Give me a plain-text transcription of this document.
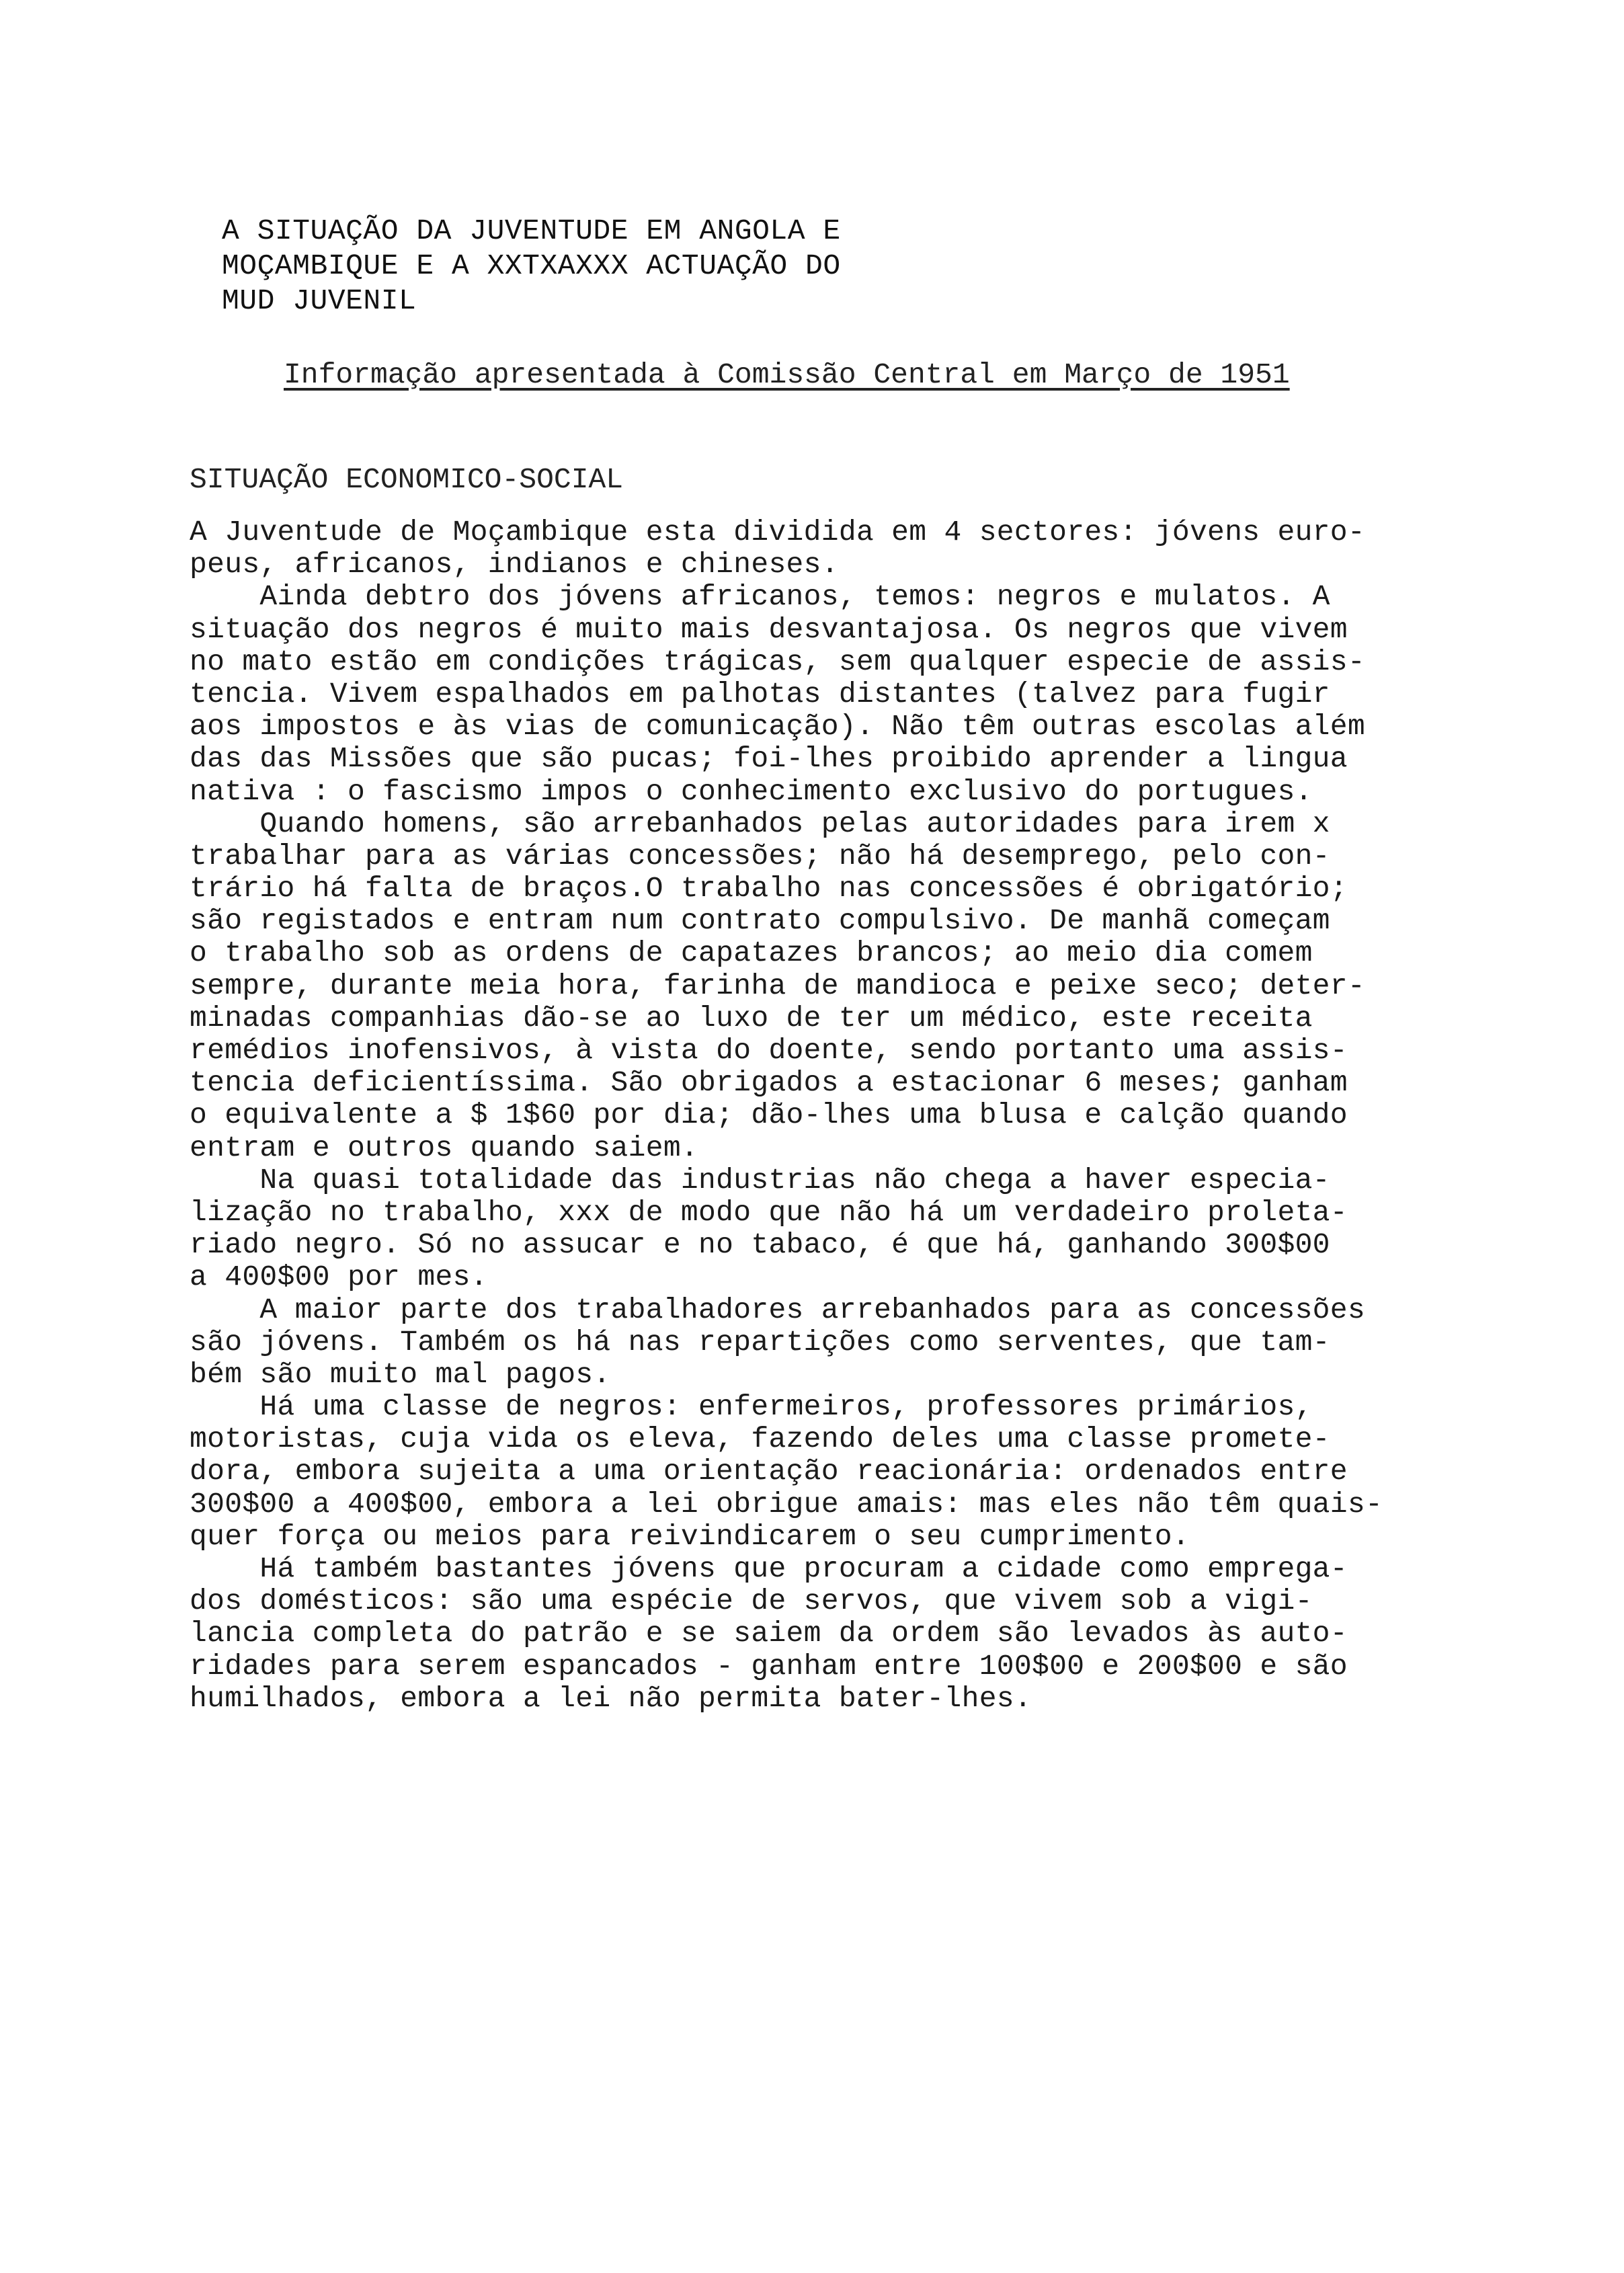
A SITUAÇÃO DA JUVENTUDE EM ANGOLA E
MOÇAMBIQUE E A XXTXAXXX ACTUAÇÃO DO
MUD JUVENIL
Informação apresentada à Comissão Central em Março de 1951
SITUAÇÃO ECONOMICO-SOCIAL
A Juventude de Moçambique esta dividida em 4 sectores: jóvens euro-
peus, africanos, indianos e chineses.
Ainda debtro dos jóvens africanos, temos: negros e mulatos. A
situação dos negros é muito mais desvantajosa. Os negros que vivem
no mato estão em condições trágicas, sem qualquer especie de assis-
tencia. Vivem espalhados em palhotas distantes (talvez para fugir
aos impostos e às vias de comunicação). Não têm outras escolas além
das das Missões que são pucas; foi-lhes proibido aprender a lingua
nativa : o fascismo impos o conhecimento exclusivo do portugues.
Quando homens, são arrebanhados pelas autoridades para irem x
trabalhar para as várias concessões; não há desemprego, pelo con-
trário há falta de braços.O trabalho nas concessões é obrigatório;
são registados e entram num contrato compulsivo. De manhã começam
o trabalho sob as ordens de capatazes brancos; ao meio dia comem
sempre, durante meia hora, farinha de mandioca e peixe seco; deter-
minadas companhias dão-se ao luxo de ter um médico, este receita
remédios inofensivos, à vista do doente, sendo portanto uma assis-
tencia deficientíssima. São obrigados a estacionar 6 meses; ganham
o equivalente a $ 1$60 por dia; dão-lhes uma blusa e calção quando
entram e outros quando saiem.
Na quasi totalidade das industrias não chega a haver especia-
lização no trabalho, xxx de modo que não há um verdadeiro proleta-
riado negro. Só no assucar e no tabaco, é que há, ganhando 300$00
a 400$00 por mes.
A maior parte dos trabalhadores arrebanhados para as concessões
são jóvens. Também os há nas repartições como serventes, que tam-
bém são muito mal pagos.
Há uma classe de negros: enfermeiros, professores primários,
motoristas, cuja vida os eleva, fazendo deles uma classe promete-
dora, embora sujeita a uma orientação reacionária: ordenados entre
300$00 a 400$00, embora a lei obrigue amais: mas eles não têm quais-
quer força ou meios para reivindicarem o seu cumprimento.
Há também bastantes jóvens que procuram a cidade como emprega-
dos domésticos: são uma espécie de servos, que vivem sob a vigi-
lancia completa do patrão e se saiem da ordem são levados às auto-
ridades para serem espancados - ganham entre 100$00 e 200$00 e são
humilhados, embora a lei não permita bater-lhes.
